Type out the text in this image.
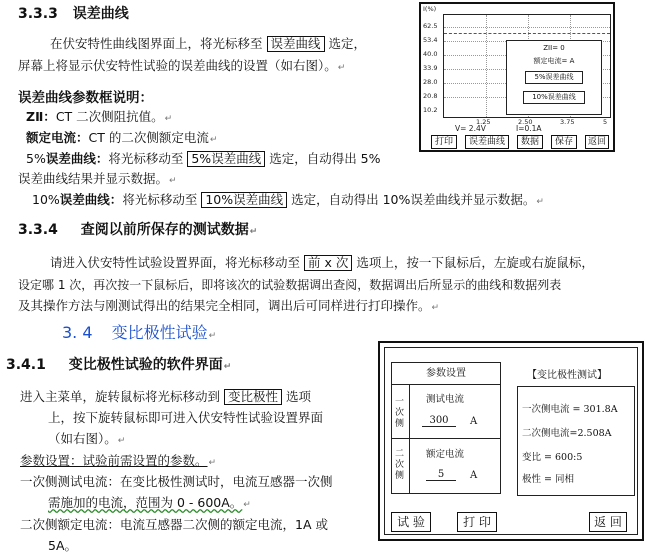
3.3.3 误差曲线
在伏安特性曲线图界面上，将光标移至 误差曲线 选定，
屏幕上将显示伏安特性试验的误差曲线的设置（如右图）。↵
误差曲线参数框说明：
ZⅡ：CT 二次侧阻抗值。↵
额定电流：CT 的二次侧额定电流↵
5%误差曲线：将光标移动至 5%误差曲线 选定，自动得出 5%
误差曲线结果并显示数据。↵
10%误差曲线：将光标移动至 10%误差曲线 选定，自动得出 10%误差曲线并显示数据。↵
I(%)
ZII= 0
额定电流= A
5%误差曲线
10%误差曲线
62.5
53.4
40.0
33.9
28.0
20.8
10.2
1.25	2.50	3.75	5
V= 2.4V	I=0.1A
打印	误差曲线	数据	保存	返回
3.3.4 查阅以前所保存的测试数据↵
请进入伏安特性试验设置界面，将光标移动至 前 x 次 选项上，按一下鼠标后，左旋或右旋鼠标，
设定哪 1 次，再次按一下鼠标后，即将该次的试验数据调出查阅，数据调出后所显示的曲线和数据列表
及其操作方法与刚测试得出的结果完全相同，调出后可同样进行打印操作。↵
3. 4 变比极性试验↵
3.4.1 变比极性试验的软件界面↵
进入主菜单，旋转鼠标将光标移动到 变比极性 选项
上，按下旋转鼠标即可进入伏安特性试验设置界面
（如右图）。↵
参数设置：试验前需设置的参数。↵
一次侧测试电流：在变比极性测试时，电流互感器一次侧
需施加的电流，范围为 0 - 600A。↵
二次侧额定电流：电流互感器二次侧的额定电流，1A 或
5A。
参数设置
一次侧
二次侧
测试电流
300	A
额定电流
5	A
【变比极性测试】
一次侧电流 = 301.8A
二次侧电流=2.508A
变比 = 600:5
极性 = 同相
试 验	打 印	返 回
